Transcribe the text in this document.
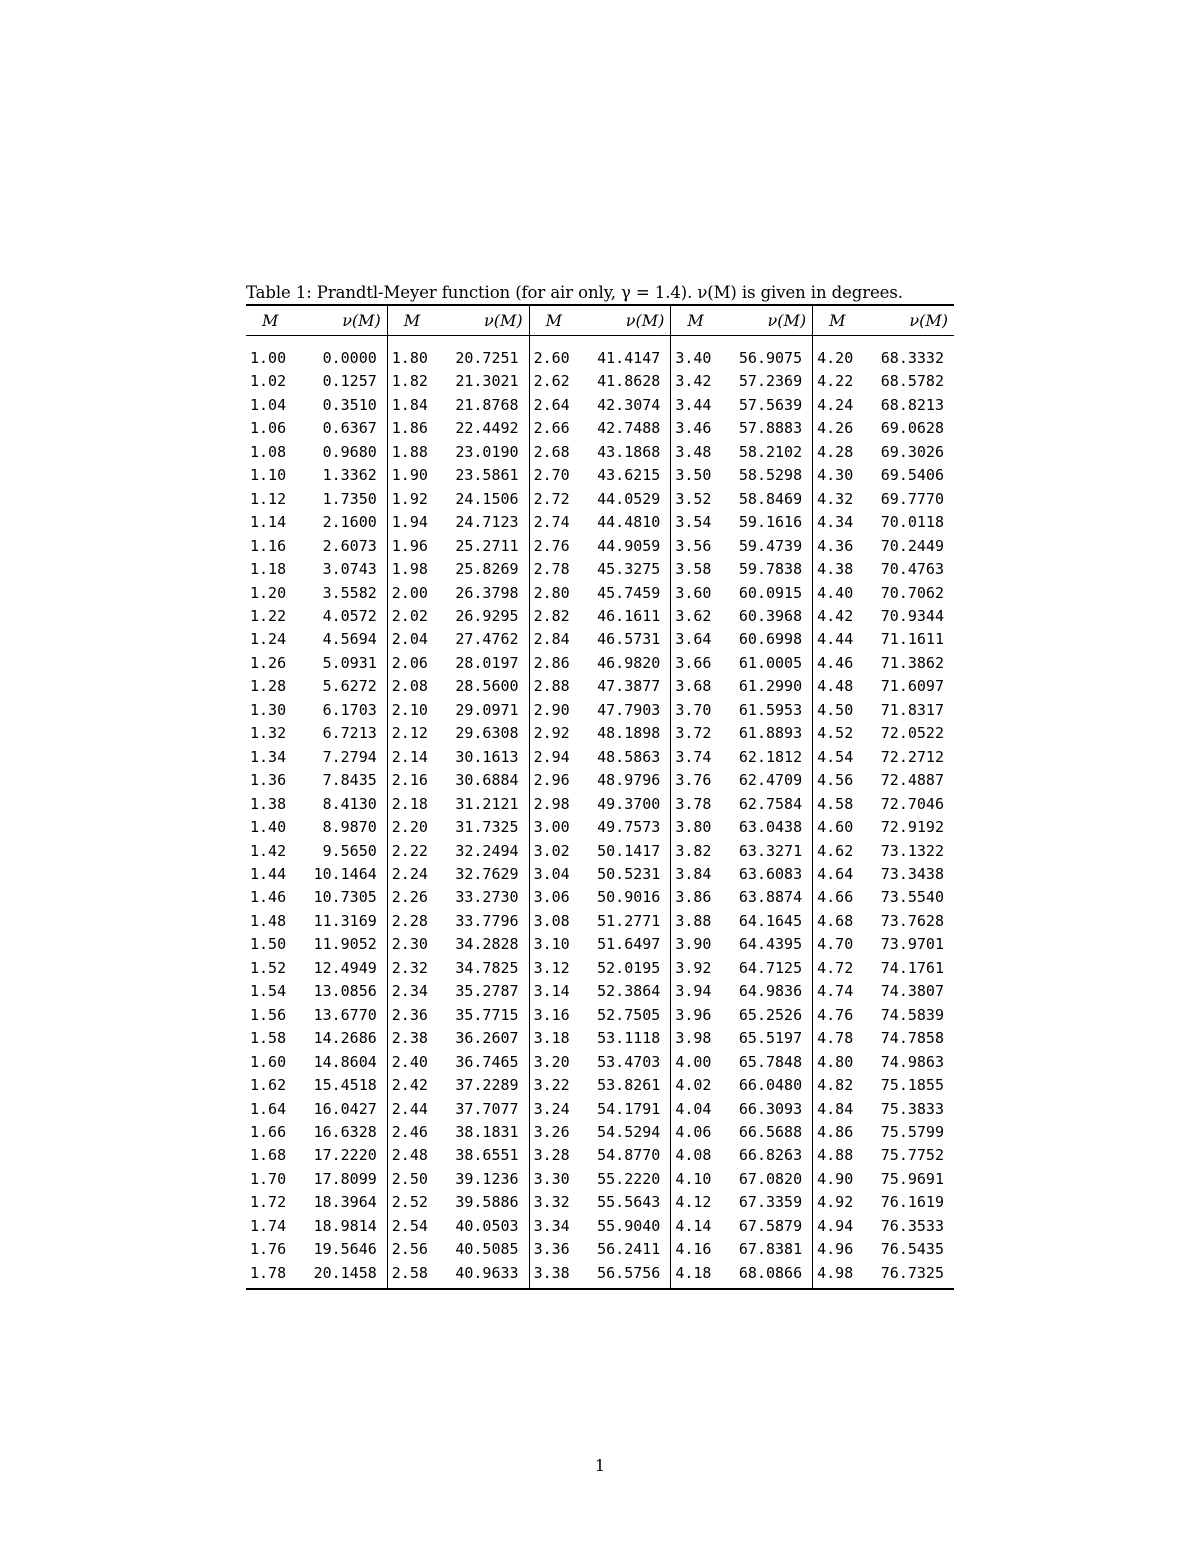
Table 1: Prandtl-Meyer function (for air only, γ = 1.4). ν(M) is given in degrees.
M	ν(M)	M	ν(M)	M	ν(M)	M	ν(M)	M	ν(M)
1.00	0.0000	1.80	20.7251	2.60	41.4147	3.40	56.9075	4.20	68.3332
1.02	0.1257	1.82	21.3021	2.62	41.8628	3.42	57.2369	4.22	68.5782
1.04	0.3510	1.84	21.8768	2.64	42.3074	3.44	57.5639	4.24	68.8213
1.06	0.6367	1.86	22.4492	2.66	42.7488	3.46	57.8883	4.26	69.0628
1.08	0.9680	1.88	23.0190	2.68	43.1868	3.48	58.2102	4.28	69.3026
1.10	1.3362	1.90	23.5861	2.70	43.6215	3.50	58.5298	4.30	69.5406
1.12	1.7350	1.92	24.1506	2.72	44.0529	3.52	58.8469	4.32	69.7770
1.14	2.1600	1.94	24.7123	2.74	44.4810	3.54	59.1616	4.34	70.0118
1.16	2.6073	1.96	25.2711	2.76	44.9059	3.56	59.4739	4.36	70.2449
1.18	3.0743	1.98	25.8269	2.78	45.3275	3.58	59.7838	4.38	70.4763
1.20	3.5582	2.00	26.3798	2.80	45.7459	3.60	60.0915	4.40	70.7062
1.22	4.0572	2.02	26.9295	2.82	46.1611	3.62	60.3968	4.42	70.9344
1.24	4.5694	2.04	27.4762	2.84	46.5731	3.64	60.6998	4.44	71.1611
1.26	5.0931	2.06	28.0197	2.86	46.9820	3.66	61.0005	4.46	71.3862
1.28	5.6272	2.08	28.5600	2.88	47.3877	3.68	61.2990	4.48	71.6097
1.30	6.1703	2.10	29.0971	2.90	47.7903	3.70	61.5953	4.50	71.8317
1.32	6.7213	2.12	29.6308	2.92	48.1898	3.72	61.8893	4.52	72.0522
1.34	7.2794	2.14	30.1613	2.94	48.5863	3.74	62.1812	4.54	72.2712
1.36	7.8435	2.16	30.6884	2.96	48.9796	3.76	62.4709	4.56	72.4887
1.38	8.4130	2.18	31.2121	2.98	49.3700	3.78	62.7584	4.58	72.7046
1.40	8.9870	2.20	31.7325	3.00	49.7573	3.80	63.0438	4.60	72.9192
1.42	9.5650	2.22	32.2494	3.02	50.1417	3.82	63.3271	4.62	73.1322
1.44	10.1464	2.24	32.7629	3.04	50.5231	3.84	63.6083	4.64	73.3438
1.46	10.7305	2.26	33.2730	3.06	50.9016	3.86	63.8874	4.66	73.5540
1.48	11.3169	2.28	33.7796	3.08	51.2771	3.88	64.1645	4.68	73.7628
1.50	11.9052	2.30	34.2828	3.10	51.6497	3.90	64.4395	4.70	73.9701
1.52	12.4949	2.32	34.7825	3.12	52.0195	3.92	64.7125	4.72	74.1761
1.54	13.0856	2.34	35.2787	3.14	52.3864	3.94	64.9836	4.74	74.3807
1.56	13.6770	2.36	35.7715	3.16	52.7505	3.96	65.2526	4.76	74.5839
1.58	14.2686	2.38	36.2607	3.18	53.1118	3.98	65.5197	4.78	74.7858
1.60	14.8604	2.40	36.7465	3.20	53.4703	4.00	65.7848	4.80	74.9863
1.62	15.4518	2.42	37.2289	3.22	53.8261	4.02	66.0480	4.82	75.1855
1.64	16.0427	2.44	37.7077	3.24	54.1791	4.04	66.3093	4.84	75.3833
1.66	16.6328	2.46	38.1831	3.26	54.5294	4.06	66.5688	4.86	75.5799
1.68	17.2220	2.48	38.6551	3.28	54.8770	4.08	66.8263	4.88	75.7752
1.70	17.8099	2.50	39.1236	3.30	55.2220	4.10	67.0820	4.90	75.9691
1.72	18.3964	2.52	39.5886	3.32	55.5643	4.12	67.3359	4.92	76.1619
1.74	18.9814	2.54	40.0503	3.34	55.9040	4.14	67.5879	4.94	76.3533
1.76	19.5646	2.56	40.5085	3.36	56.2411	4.16	67.8381	4.96	76.5435
1.78	20.1458	2.58	40.9633	3.38	56.5756	4.18	68.0866	4.98	76.7325
1
